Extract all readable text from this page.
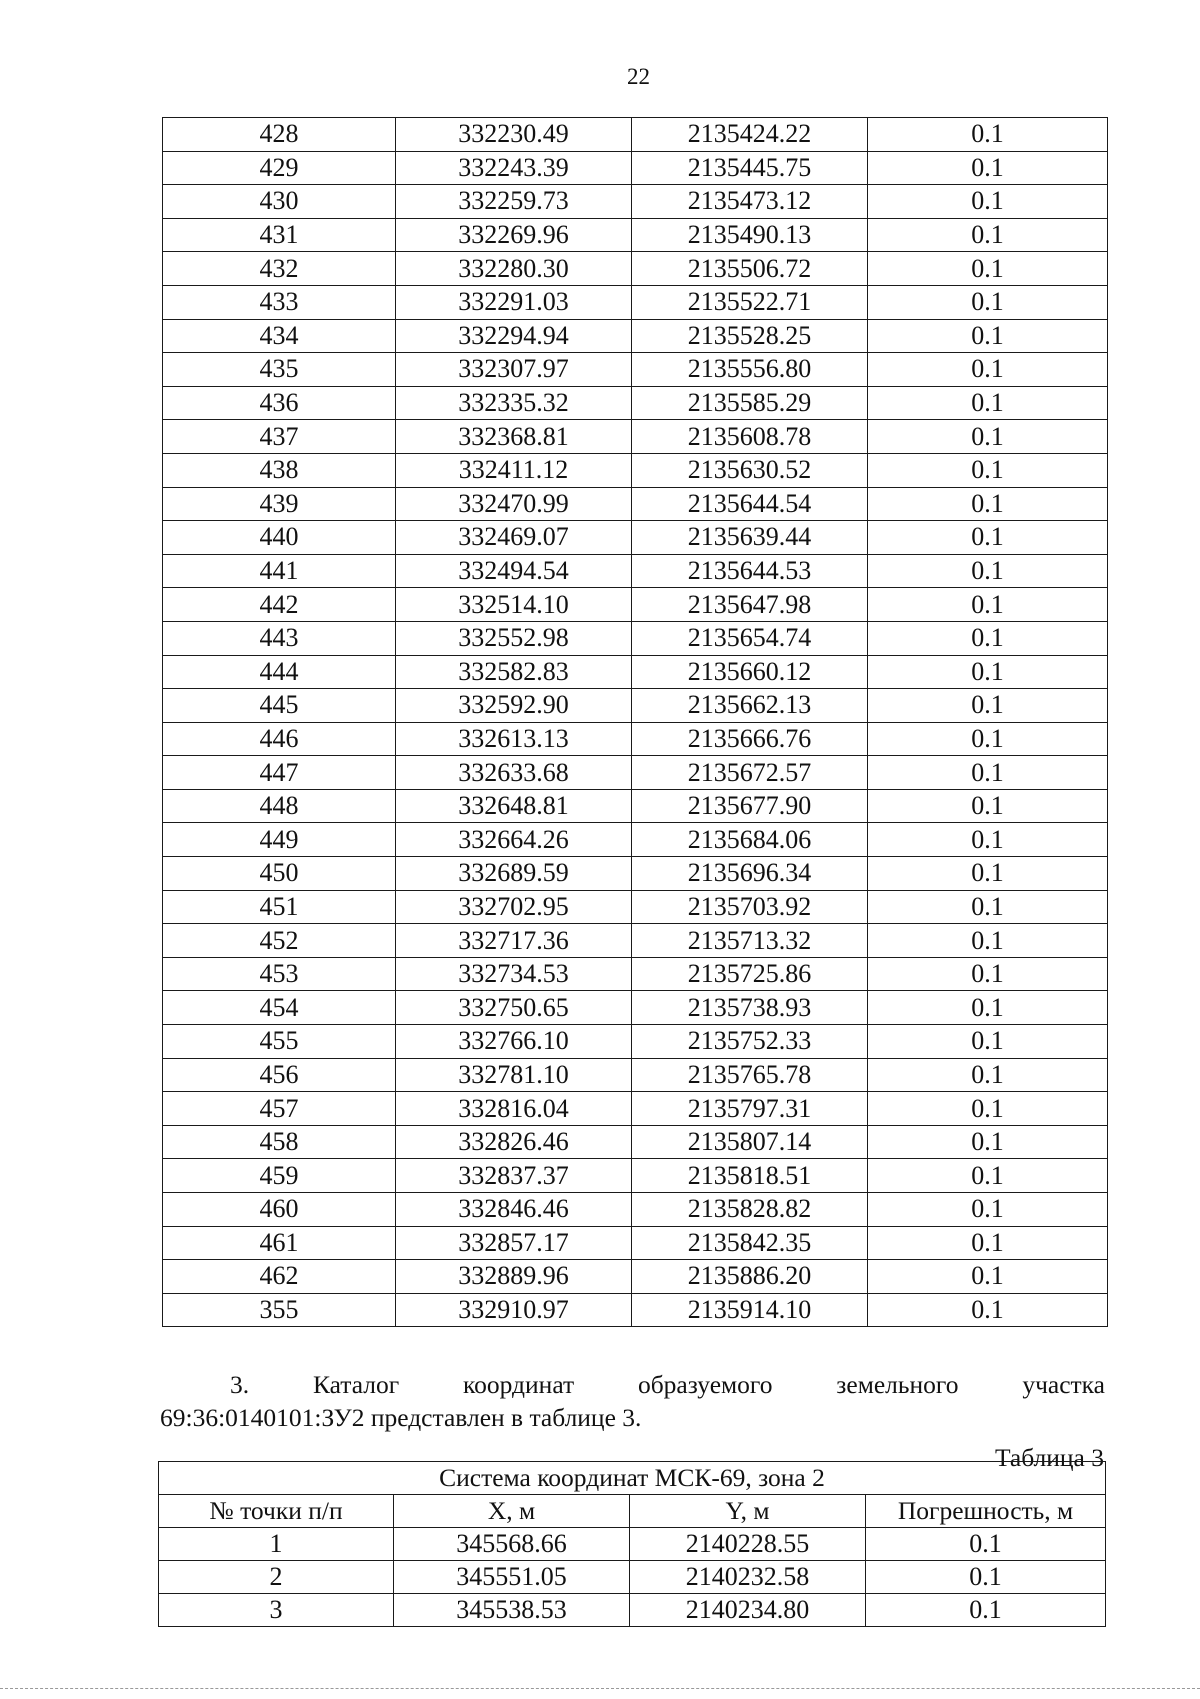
22
428	332230.49	2135424.22	0.1
429	332243.39	2135445.75	0.1
430	332259.73	2135473.12	0.1
431	332269.96	2135490.13	0.1
432	332280.30	2135506.72	0.1
433	332291.03	2135522.71	0.1
434	332294.94	2135528.25	0.1
435	332307.97	2135556.80	0.1
436	332335.32	2135585.29	0.1
437	332368.81	2135608.78	0.1
438	332411.12	2135630.52	0.1
439	332470.99	2135644.54	0.1
440	332469.07	2135639.44	0.1
441	332494.54	2135644.53	0.1
442	332514.10	2135647.98	0.1
443	332552.98	2135654.74	0.1
444	332582.83	2135660.12	0.1
445	332592.90	2135662.13	0.1
446	332613.13	2135666.76	0.1
447	332633.68	2135672.57	0.1
448	332648.81	2135677.90	0.1
449	332664.26	2135684.06	0.1
450	332689.59	2135696.34	0.1
451	332702.95	2135703.92	0.1
452	332717.36	2135713.32	0.1
453	332734.53	2135725.86	0.1
454	332750.65	2135738.93	0.1
455	332766.10	2135752.33	0.1
456	332781.10	2135765.78	0.1
457	332816.04	2135797.31	0.1
458	332826.46	2135807.14	0.1
459	332837.37	2135818.51	0.1
460	332846.46	2135828.82	0.1
461	332857.17	2135842.35	0.1
462	332889.96	2135886.20	0.1
355	332910.97	2135914.10	0.1
3. Каталог координат образуемого земельного участка
69:36:0140101:ЗУ2 представлен в таблице 3.
Таблица 3
Система координат МСК-69, зона 2			
№ точки п/п	X, м	Y, м	Погрешность, м
1	345568.66	2140228.55	0.1
2	345551.05	2140232.58	0.1
3	345538.53	2140234.80	0.1
